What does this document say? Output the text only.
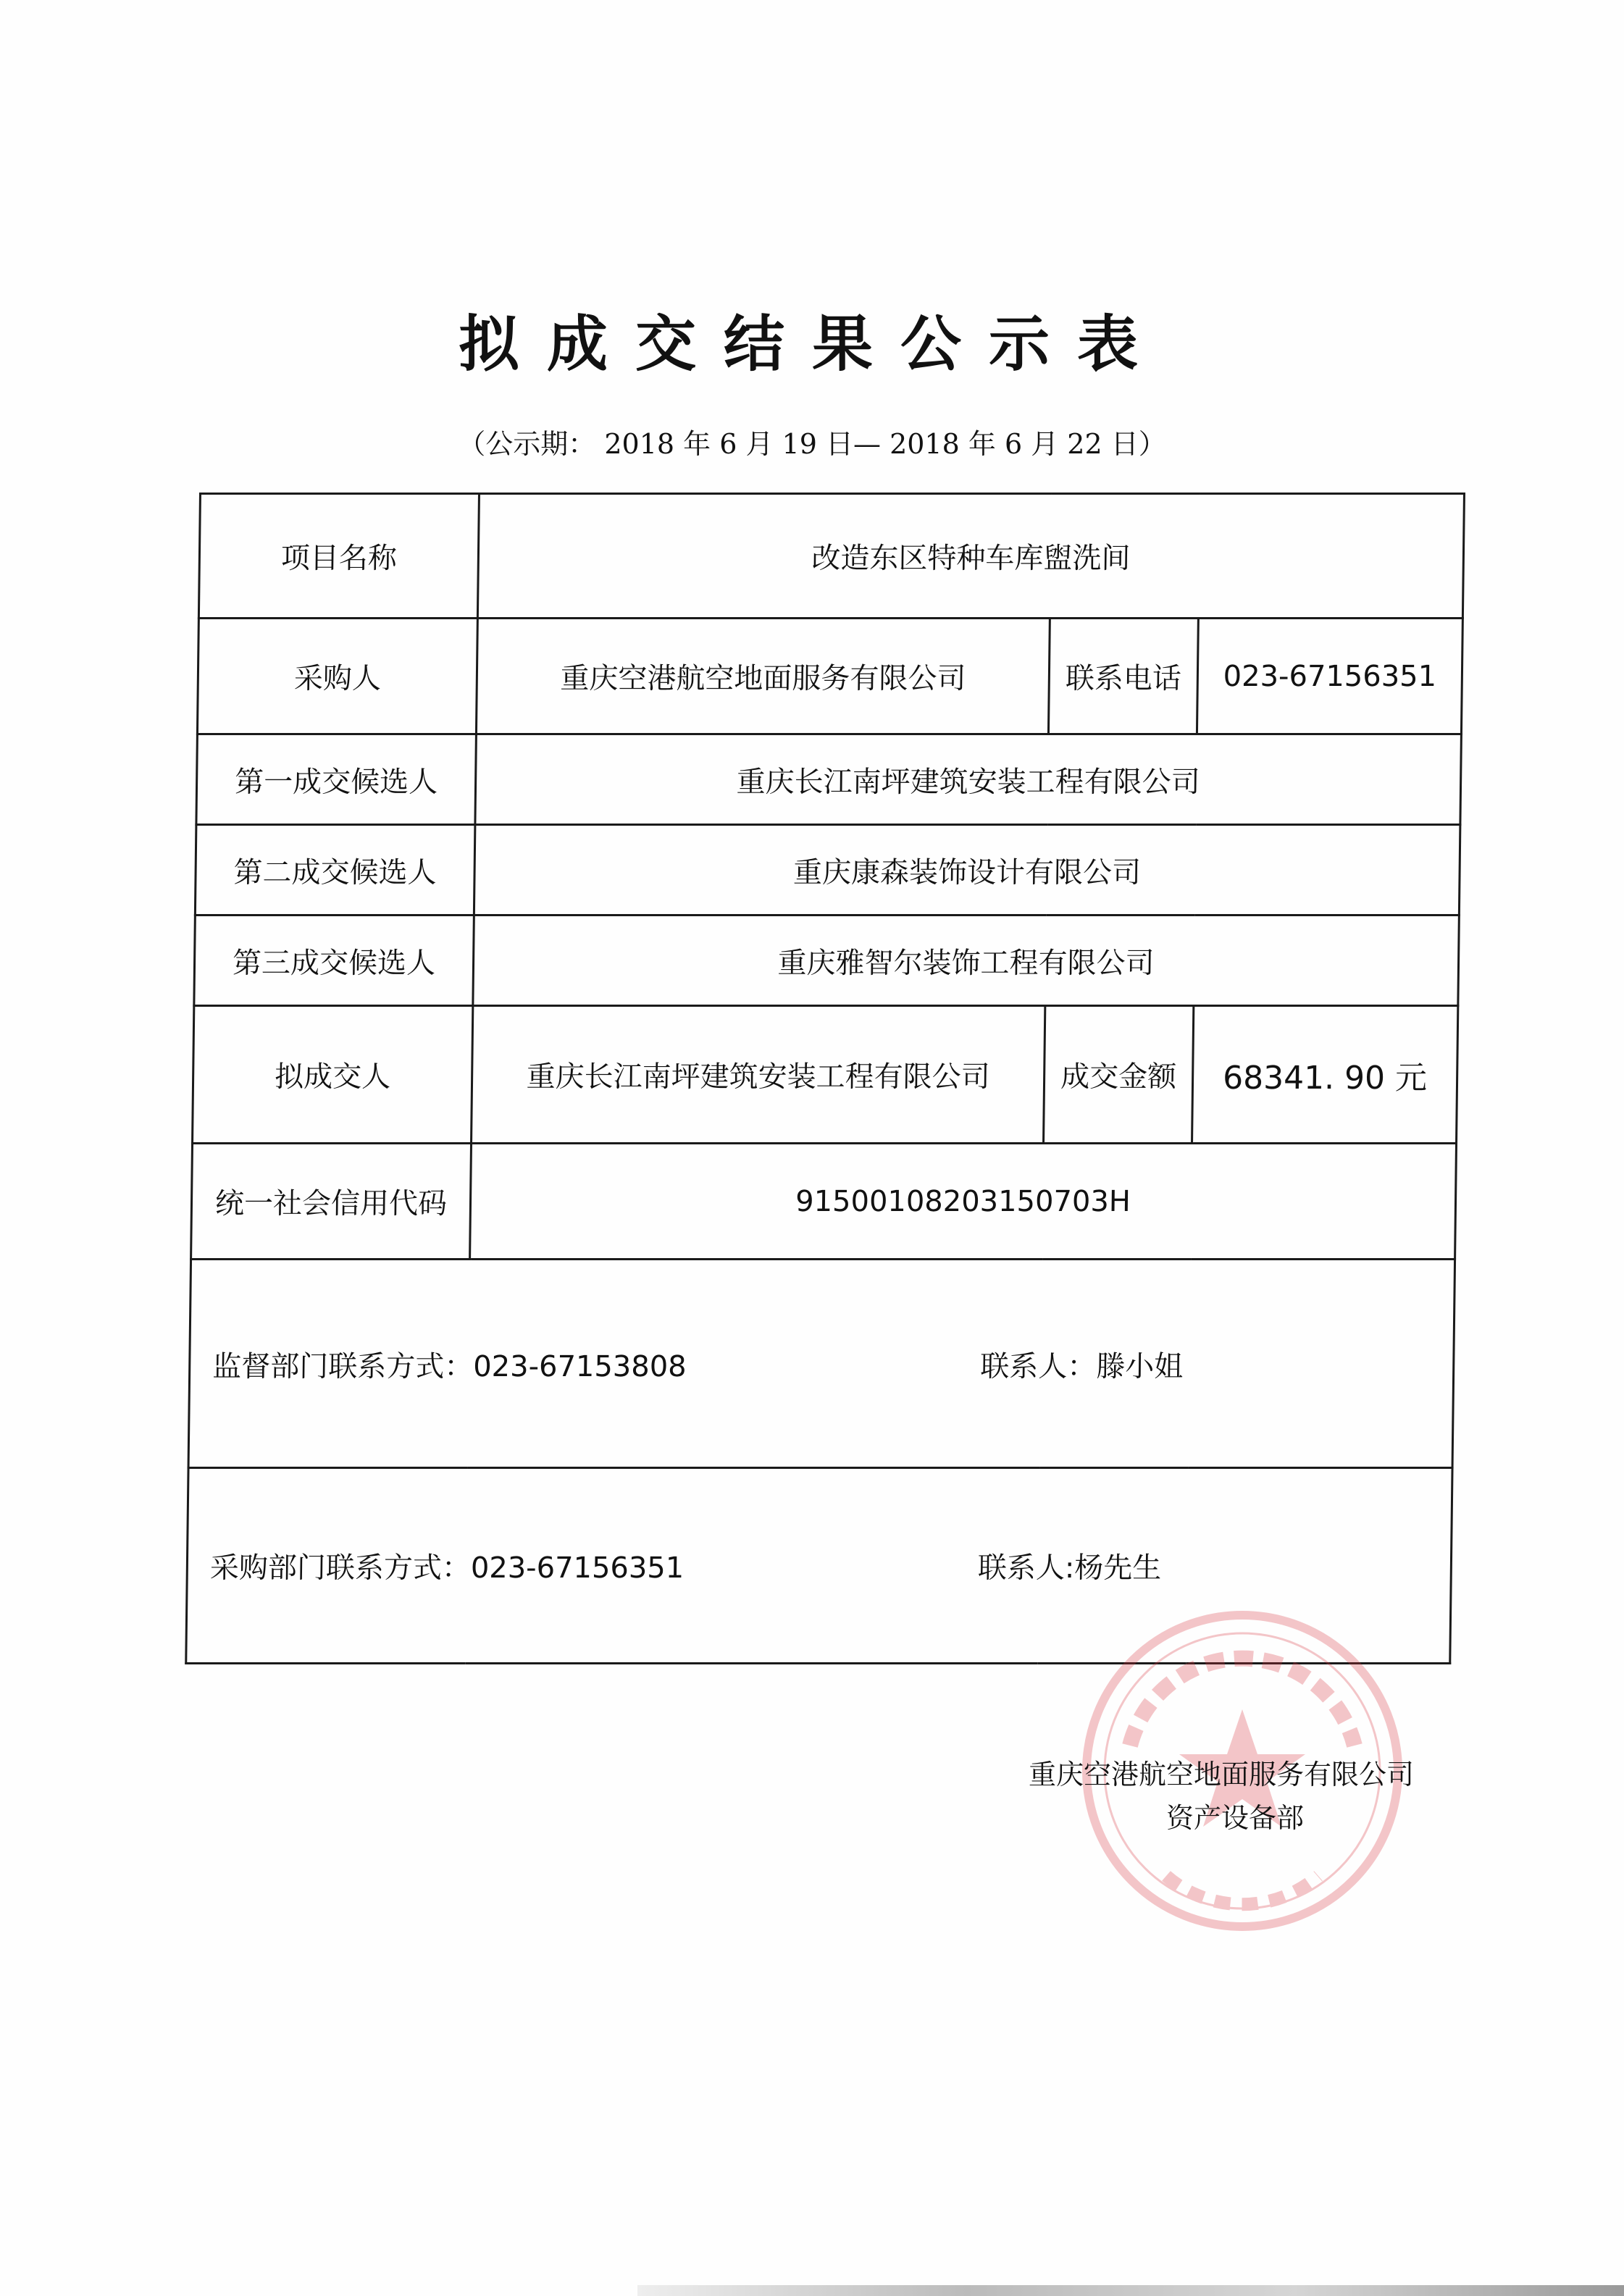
拟成交结果公示表
（公示期： 2018 年 6 月 19 日— 2018 年 6 月 22 日）
项目名称	改造东区特种车库盥洗间		
采购人	重庆空港航空地面服务有限公司	联系电话	023-67156351
第一成交候选人	重庆长江南坪建筑安装工程有限公司		
第二成交候选人	重庆康森装饰设计有限公司		
第三成交候选人	重庆雅智尔装饰工程有限公司		
拟成交人	重庆长江南坪建筑安装工程有限公司	成交金额	68341. 90 元
统一社会信用代码	91500108203150703H		

监督部门联系方式：023-67153808 联系人：滕小姐			

采购部门联系方式：023-67156351 联系人:杨先生			
重庆空港航空地面服务有限公司
资产设备部
